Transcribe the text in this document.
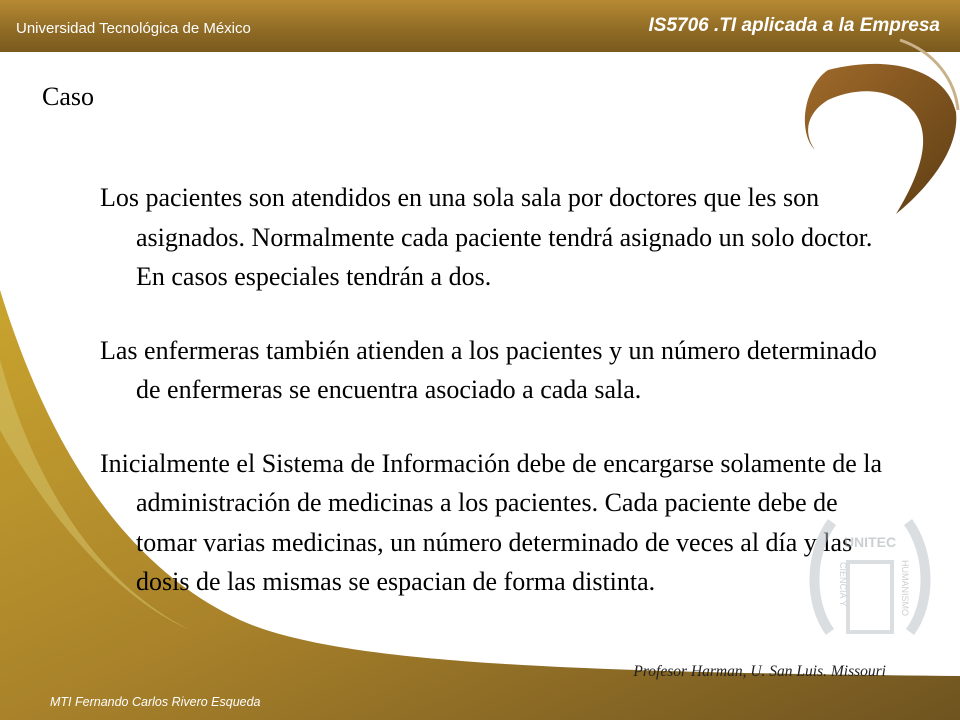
Universidad Tecnológica de México	IS5706 .TI aplicada a la Empresa
Caso

Los pacientes son atendidos en una sola sala por doctores que les son asignados. Normalmente cada paciente tendrá asignado un solo doctor. En casos especiales tendrán a dos.

Las enfermeras también atienden a los pacientes y un número determinado de enfermeras se encuentra asociado a cada sala.

Inicialmente el Sistema de Información debe de encargarse solamente de la administración de medicinas a los pacientes. Cada paciente debe de tomar varias medicinas, un número determinado de veces al día y las dosis de las mismas se espacian de forma distinta.

UNITEC
CIENCIA Y	HUMANISMO
Profesor Harman, U. San Luis. Missouri
MTI Fernando Carlos Rivero Esqueda
